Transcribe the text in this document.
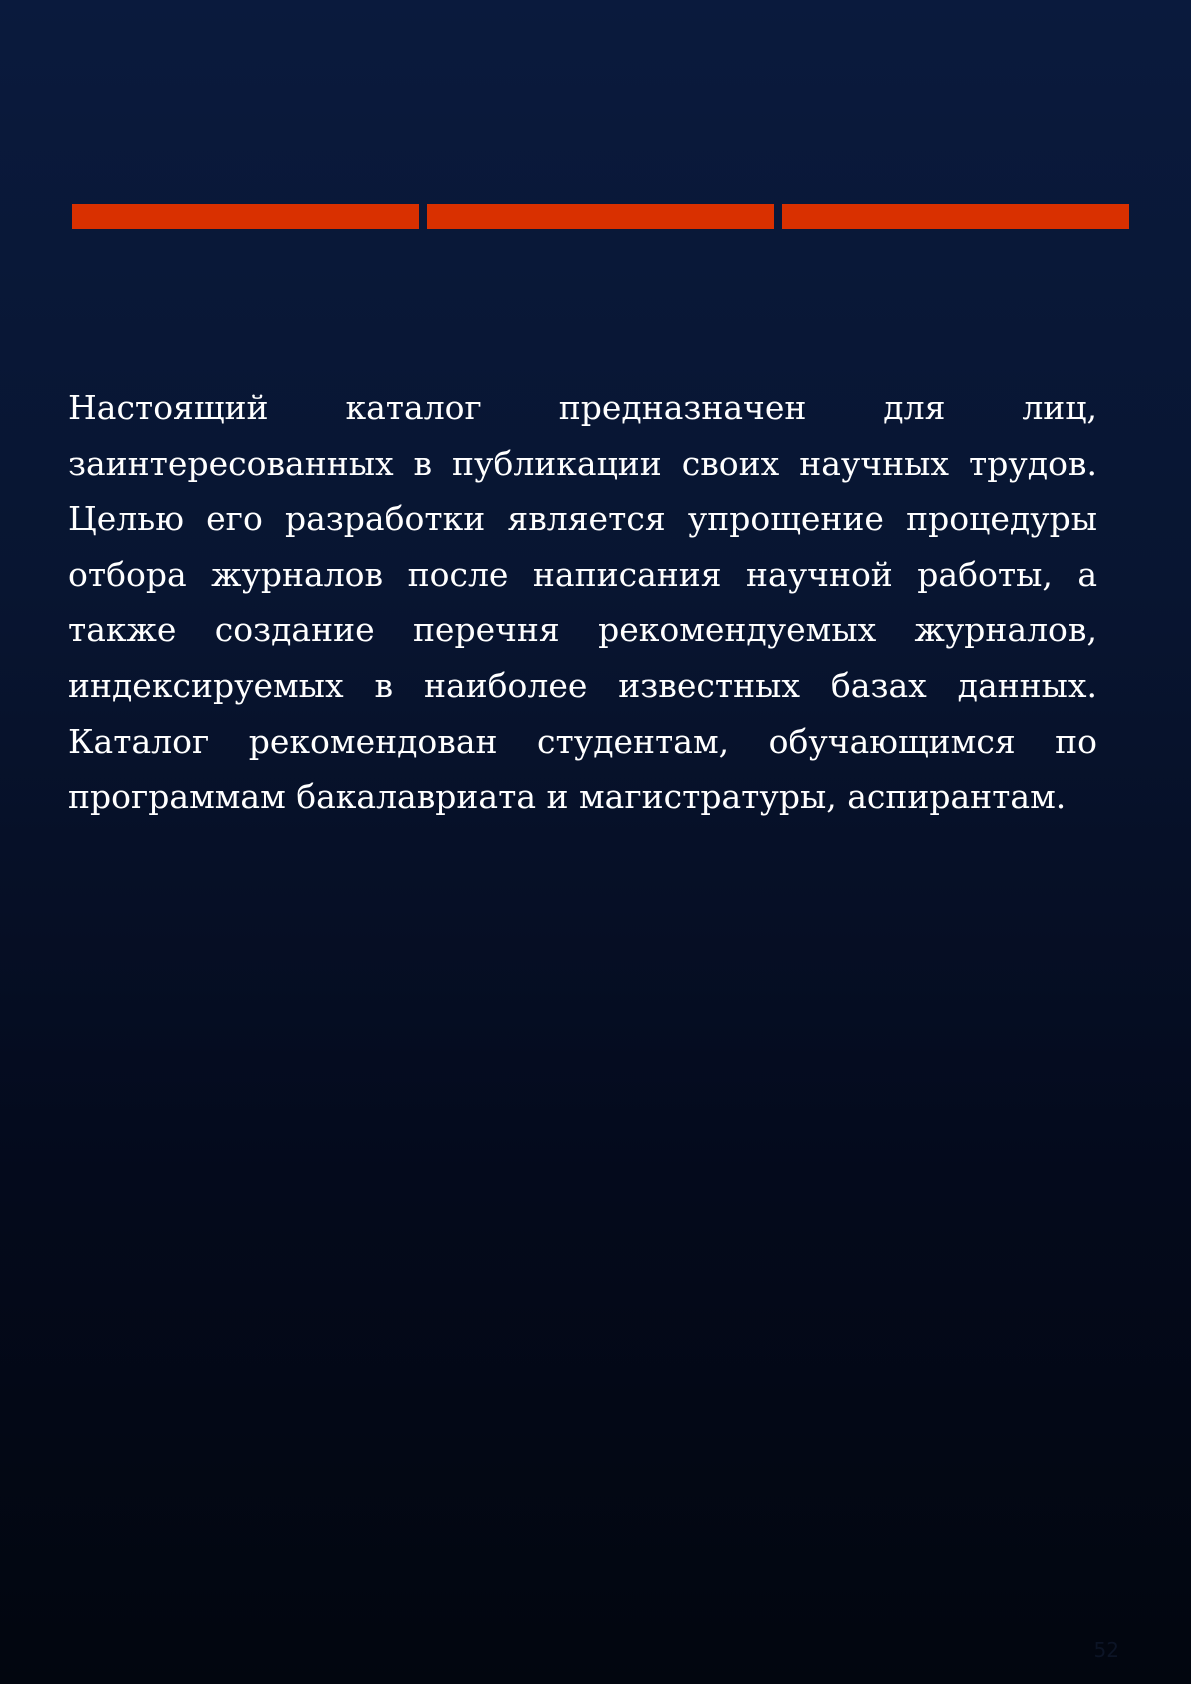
Настоящий каталог предназначен для лиц, заинтересованных в публикации своих научных трудов. Целью его разработки является упрощение процедуры отбора журналов после написания научной работы, а также создание перечня рекомендуемых журналов, индексируемых в наиболее известных базах данных. Каталог рекомендован студентам, обучающимся по программам бакалавриата и магистратуры, аспирантам.

52
